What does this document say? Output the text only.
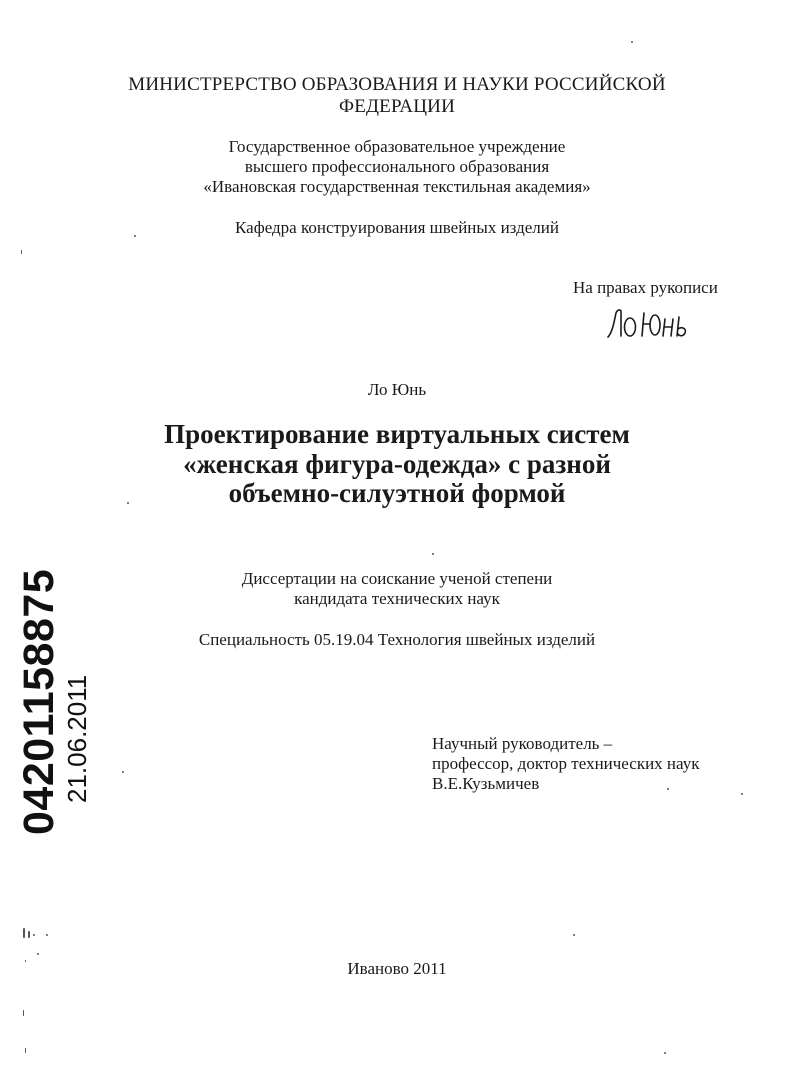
МИНИСТРЕРСТВО ОБРАЗОВАНИЯ И НАУКИ РОССИЙСКОЙ
ФЕДЕРАЦИИ
Государственное образовательное учреждение
высшего профессионального образования
«Ивановская государственная текстильная академия»
Кафедра конструирования швейных изделий
На правах рукописи
Ло Юнь
Проектирование виртуальных систем
«женская фигура-одежда» с разной
объемно-силуэтной формой
Диссертации на соискание ученой степени
кандидата технических наук
Специальность 05.19.04 Технология швейных изделий
Научный руководитель –
профессор, доктор технических наук
В.Е.Кузьмичев
Иваново 2011
04201158875 21.06.2011
